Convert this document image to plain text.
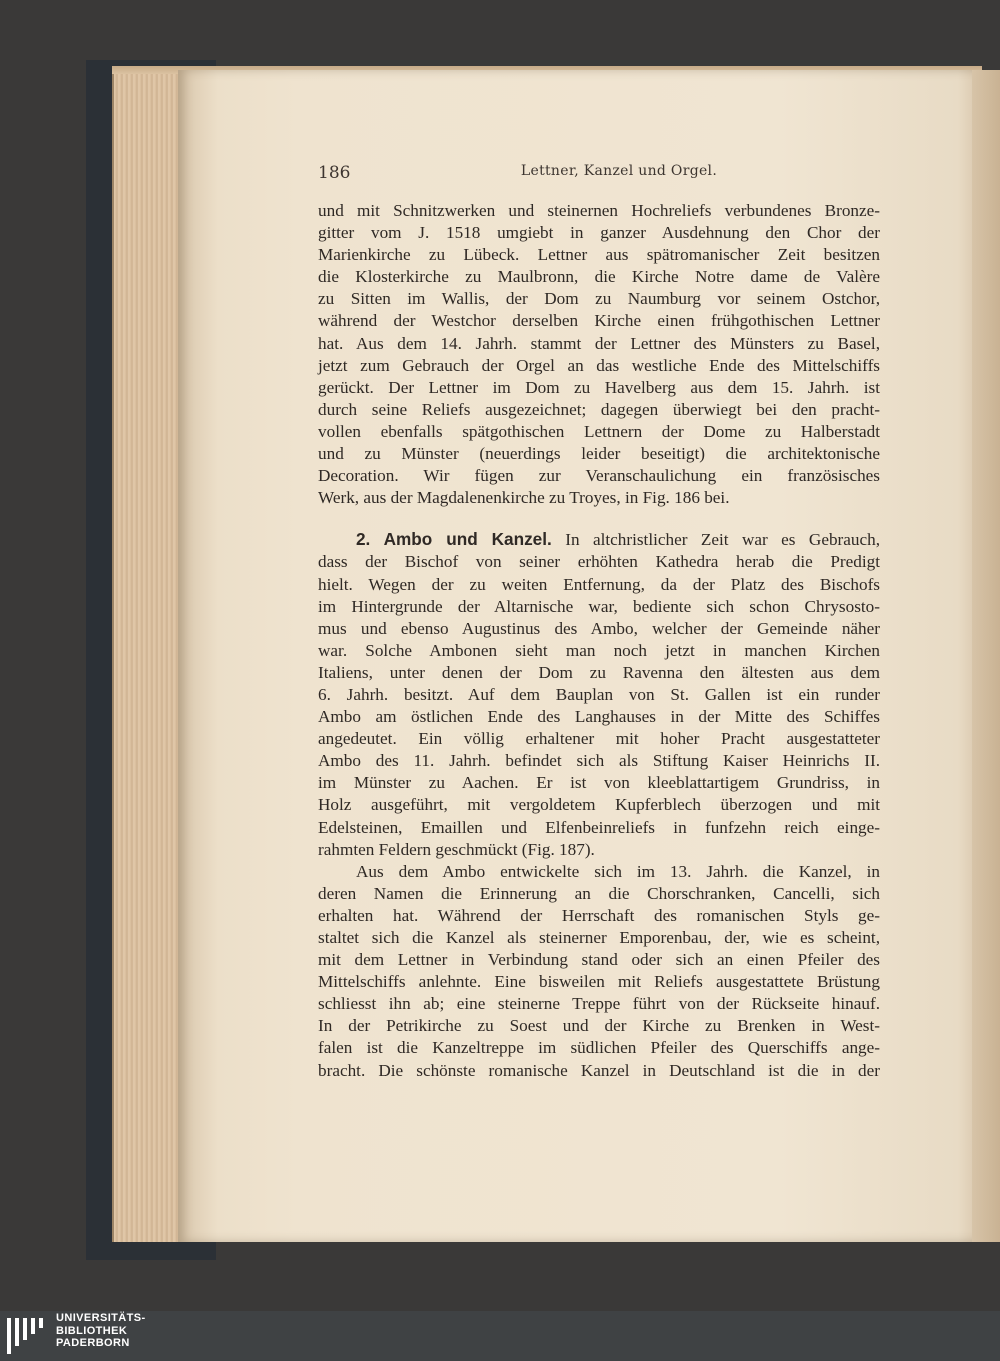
186	Lettner, Kanzel und Orgel.
und mit Schnitzwerken und steinernen Hochreliefs verbundenes Bronze-
gitter vom J. 1518 umgiebt in ganzer Ausdehnung den Chor der
Marienkirche zu Lübeck. Lettner aus spätromanischer Zeit besitzen
die Klosterkirche zu Maulbronn, die Kirche Notre dame de Valère
zu Sitten im Wallis, der Dom zu Naumburg vor seinem Ostchor,
während der Westchor derselben Kirche einen frühgothischen Lettner
hat. Aus dem 14. Jahrh. stammt der Lettner des Münsters zu Basel,
jetzt zum Gebrauch der Orgel an das westliche Ende des Mittelschiffs
gerückt. Der Lettner im Dom zu Havelberg aus dem 15. Jahrh. ist
durch seine Reliefs ausgezeichnet; dagegen überwiegt bei den pracht-
vollen ebenfalls spätgothischen Lettnern der Dome zu Halberstadt
und zu Münster (neuerdings leider beseitigt) die architektonische
Decoration. Wir fügen zur Veranschaulichung ein französisches
Werk, aus der Magdalenenkirche zu Troyes, in Fig. 186 bei.
2. Ambo und Kanzel. In altchristlicher Zeit war es Gebrauch,
dass der Bischof von seiner erhöhten Kathedra herab die Predigt
hielt. Wegen der zu weiten Entfernung, da der Platz des Bischofs
im Hintergrunde der Altarnische war, bediente sich schon Chrysosto-
mus und ebenso Augustinus des Ambo, welcher der Gemeinde näher
war. Solche Ambonen sieht man noch jetzt in manchen Kirchen
Italiens, unter denen der Dom zu Ravenna den ältesten aus dem
6. Jahrh. besitzt. Auf dem Bauplan von St. Gallen ist ein runder
Ambo am östlichen Ende des Langhauses in der Mitte des Schiffes
angedeutet. Ein völlig erhaltener mit hoher Pracht ausgestatteter
Ambo des 11. Jahrh. befindet sich als Stiftung Kaiser Heinrichs II.
im Münster zu Aachen. Er ist von kleeblattartigem Grundriss, in
Holz ausgeführt, mit vergoldetem Kupferblech überzogen und mit
Edelsteinen, Emaillen und Elfenbeinreliefs in funfzehn reich einge-
rahmten Feldern geschmückt (Fig. 187).
Aus dem Ambo entwickelte sich im 13. Jahrh. die Kanzel, in
deren Namen die Erinnerung an die Chorschranken, Cancelli, sich
erhalten hat. Während der Herrschaft des romanischen Styls ge-
staltet sich die Kanzel als steinerner Emporenbau, der, wie es scheint,
mit dem Lettner in Verbindung stand oder sich an einen Pfeiler des
Mittelschiffs anlehnte. Eine bisweilen mit Reliefs ausgestattete Brüstung
schliesst ihn ab; eine steinerne Treppe führt von der Rückseite hinauf.
In der Petrikirche zu Soest und der Kirche zu Brenken in West-
falen ist die Kanzeltreppe im südlichen Pfeiler des Querschiffs ange-
bracht. Die schönste romanische Kanzel in Deutschland ist die in der
UNIVERSITÄTS-
BIBLIOTHEK
PADERBORN
